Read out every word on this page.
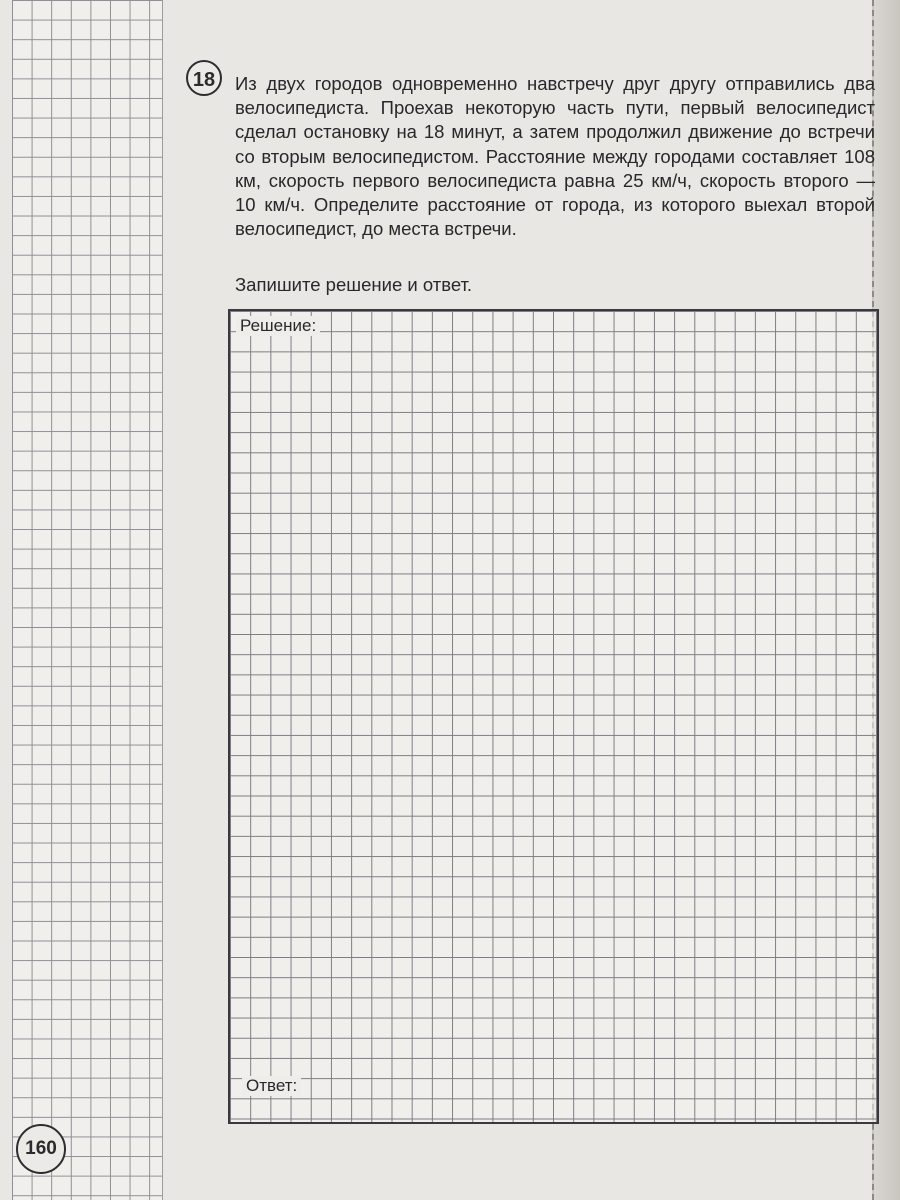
18	Из двух городов одновременно навстречу друг другу отправились два велосипедиста. Проехав некоторую часть пути, первый велосипедист сделал остановку на 18 минут, а затем продолжил движение до встречи со вторым велосипедистом. Расстояние между городами составляет 108 км, скорость первого велосипедиста равна 25 км/ч, скорость второго — 10 км/ч. Определите расстояние от города, из которого выехал второй велосипедист, до места встречи.
Запишите решение и ответ.
Решение:
Ответ:
160
